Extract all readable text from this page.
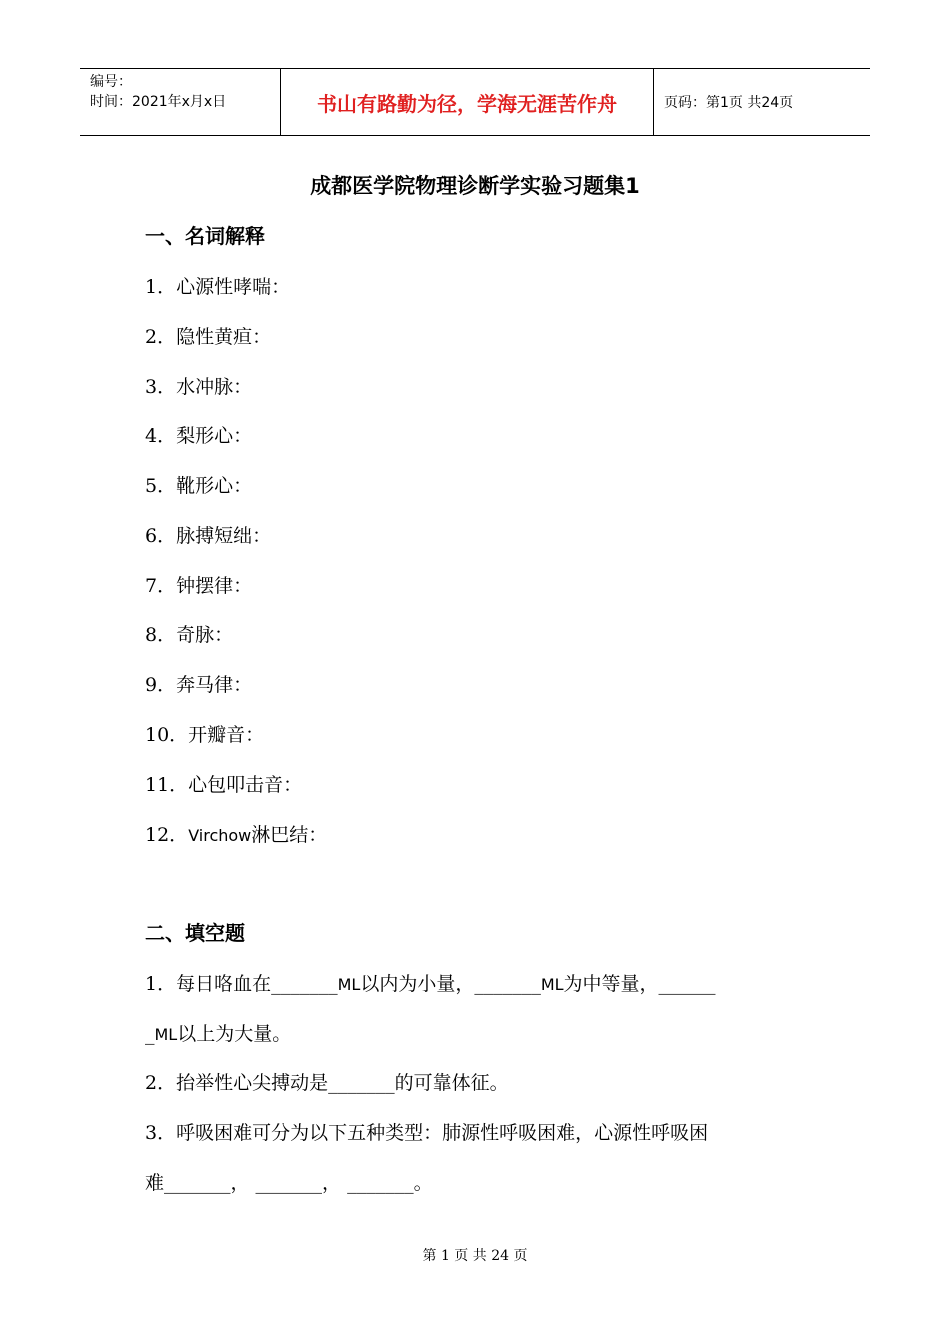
编号：
时间：2021年x月x日	书山有路勤为径，学海无涯苦作舟	页码：第1页 共24页
成都医学院物理诊断学实验习题集1
一、名词解释

1．心源性哮喘：

2．隐性黄疸：

3．水冲脉：

4．梨形心：

5．靴形心：

6．脉搏短绌：

7．钟摆律：

8．奇脉：

9．奔马律：

10．开瓣音：

11．心包叩击音：

12．Virchow淋巴结：

二、填空题

1．每日咯血在_______ML以内为小量，_______ML为中等量，______

_ML以上为大量。

2．抬举性心尖搏动是_______的可靠体征。

3．呼吸困难可分为以下五种类型：肺源性呼吸困难，心源性呼吸困

难_______， _______， _______。

第 1 页 共 24 页
